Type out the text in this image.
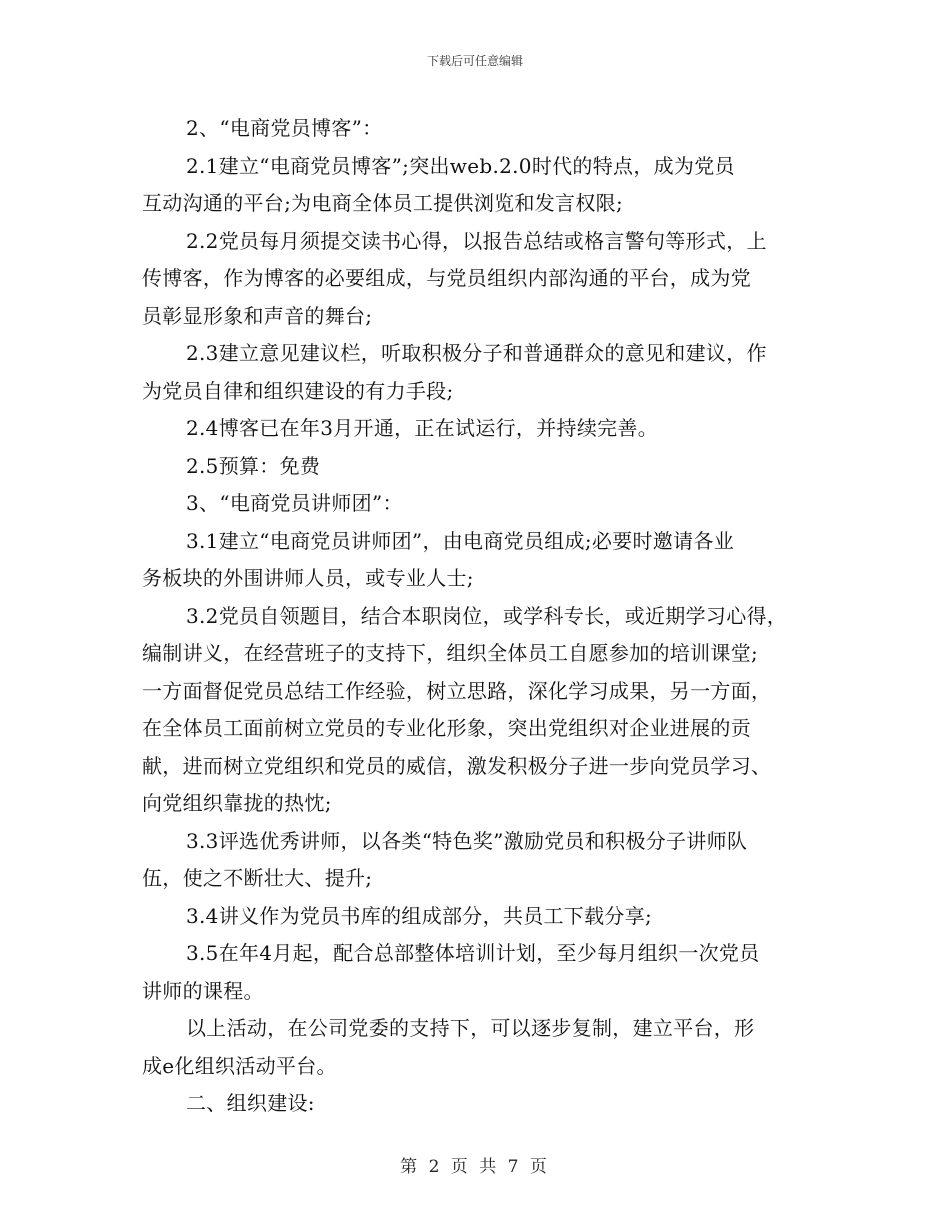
下载后可任意编辑
2、“电商党员博客”：
2.1建立“电商党员博客”;突出web.2.0时代的特点，成为党员
互动沟通的平台;为电商全体员工提供浏览和发言权限;
2.2党员每月须提交读书心得，以报告总结或格言警句等形式，上
传博客，作为博客的必要组成，与党员组织内部沟通的平台，成为党
员彰显形象和声音的舞台;
2.3建立意见建议栏，听取积极分子和普通群众的意见和建议，作
为党员自律和组织建设的有力手段;
2.4博客已在年3月开通，正在试运行，并持续完善。
2.5预算：免费
3、“电商党员讲师团”：
3.1建立“电商党员讲师团”，由电商党员组成;必要时邀请各业
务板块的外围讲师人员，或专业人士;
3.2党员自领题目，结合本职岗位，或学科专长，或近期学习心得，
编制讲义，在经营班子的支持下，组织全体员工自愿参加的培训课堂;
一方面督促党员总结工作经验，树立思路，深化学习成果，另一方面，
在全体员工面前树立党员的专业化形象，突出党组织对企业进展的贡
献，进而树立党组织和党员的威信，激发积极分子进一步向党员学习、
向党组织靠拢的热忱;
3.3评选优秀讲师，以各类“特色奖”激励党员和积极分子讲师队
伍，使之不断壮大、提升;
3.4讲义作为党员书库的组成部分，共员工下载分享;
3.5在年4月起，配合总部整体培训计划，至少每月组织一次党员
讲师的课程。
以上活动，在公司党委的支持下，可以逐步复制，建立平台，形
成e化组织活动平台。
二、组织建设:
第 2 页 共 7 页
